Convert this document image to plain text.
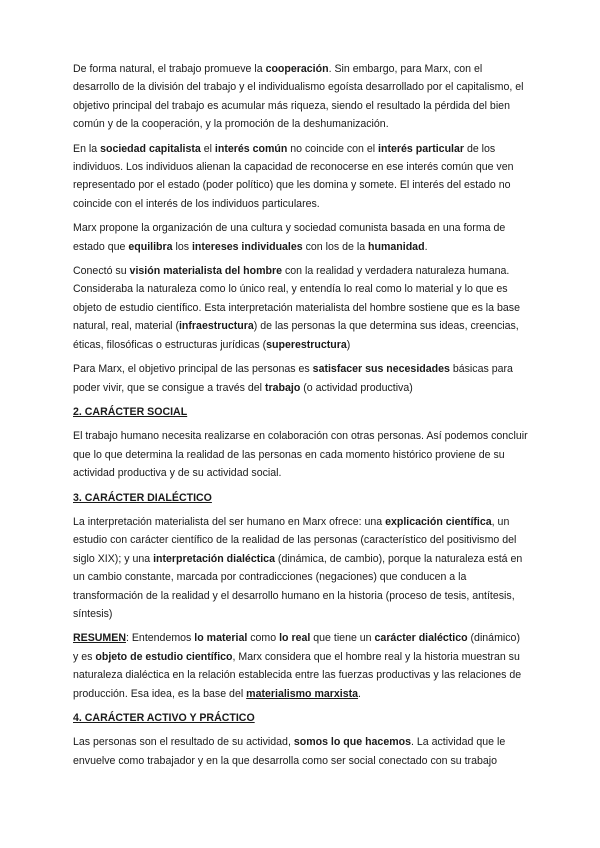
De forma natural, el trabajo promueve la cooperación. Sin embargo, para Marx, con el desarrollo de la división del trabajo y el individualismo egoísta desarrollado por el capitalismo, el objetivo principal del trabajo es acumular más riqueza, siendo el resultado la pérdida del bien común y de la cooperación, y la promoción de la deshumanización.

En la sociedad capitalista el interés común no coincide con el interés particular de los individuos. Los individuos alienan la capacidad de reconocerse en ese interés común que ven representado por el estado (poder político) que les domina y somete. El interés del estado no coincide con el interés de los individuos particulares.

Marx propone la organización de una cultura y sociedad comunista basada en una forma de estado que equilibra los intereses individuales con los de la humanidad.

Conectó su visión materialista del hombre con la realidad y verdadera naturaleza humana. Consideraba la naturaleza como lo único real, y entendía lo real como lo material y lo que es objeto de estudio científico. Esta interpretación materialista del hombre sostiene que es la base natural, real, material (infraestructura) de las personas la que determina sus ideas, creencias, éticas, filosóficas o estructuras jurídicas (superestructura)

Para Marx, el objetivo principal de las personas es satisfacer sus necesidades básicas para poder vivir, que se consigue a través del trabajo (o actividad productiva)

2. CARÁCTER SOCIAL

El trabajo humano necesita realizarse en colaboración con otras personas. Así podemos concluir que lo que determina la realidad de las personas en cada momento histórico proviene de su actividad productiva y de su actividad social.

3. CARÁCTER DIALÉCTICO

La interpretación materialista del ser humano en Marx ofrece: una explicación científica, un estudio con carácter científico de la realidad de las personas (característico del positivismo del siglo XIX); y una interpretación dialéctica (dinámica, de cambio), porque la naturaleza está en un cambio constante, marcada por contradicciones (negaciones) que conducen a la transformación de la realidad y el desarrollo humano en la historia (proceso de tesis, antítesis, síntesis)

RESUMEN: Entendemos lo material como lo real que tiene un carácter dialéctico (dinámico) y es objeto de estudio científico, Marx considera que el hombre real y la historia muestran su naturaleza dialéctica en la relación establecida entre las fuerzas productivas y las relaciones de producción. Esa idea, es la base del materialismo marxista.

4. CARÁCTER ACTIVO Y PRÁCTICO

Las personas son el resultado de su actividad, somos lo que hacemos. La actividad que le envuelve como trabajador y en la que desarrolla como ser social conectado con su trabajo
